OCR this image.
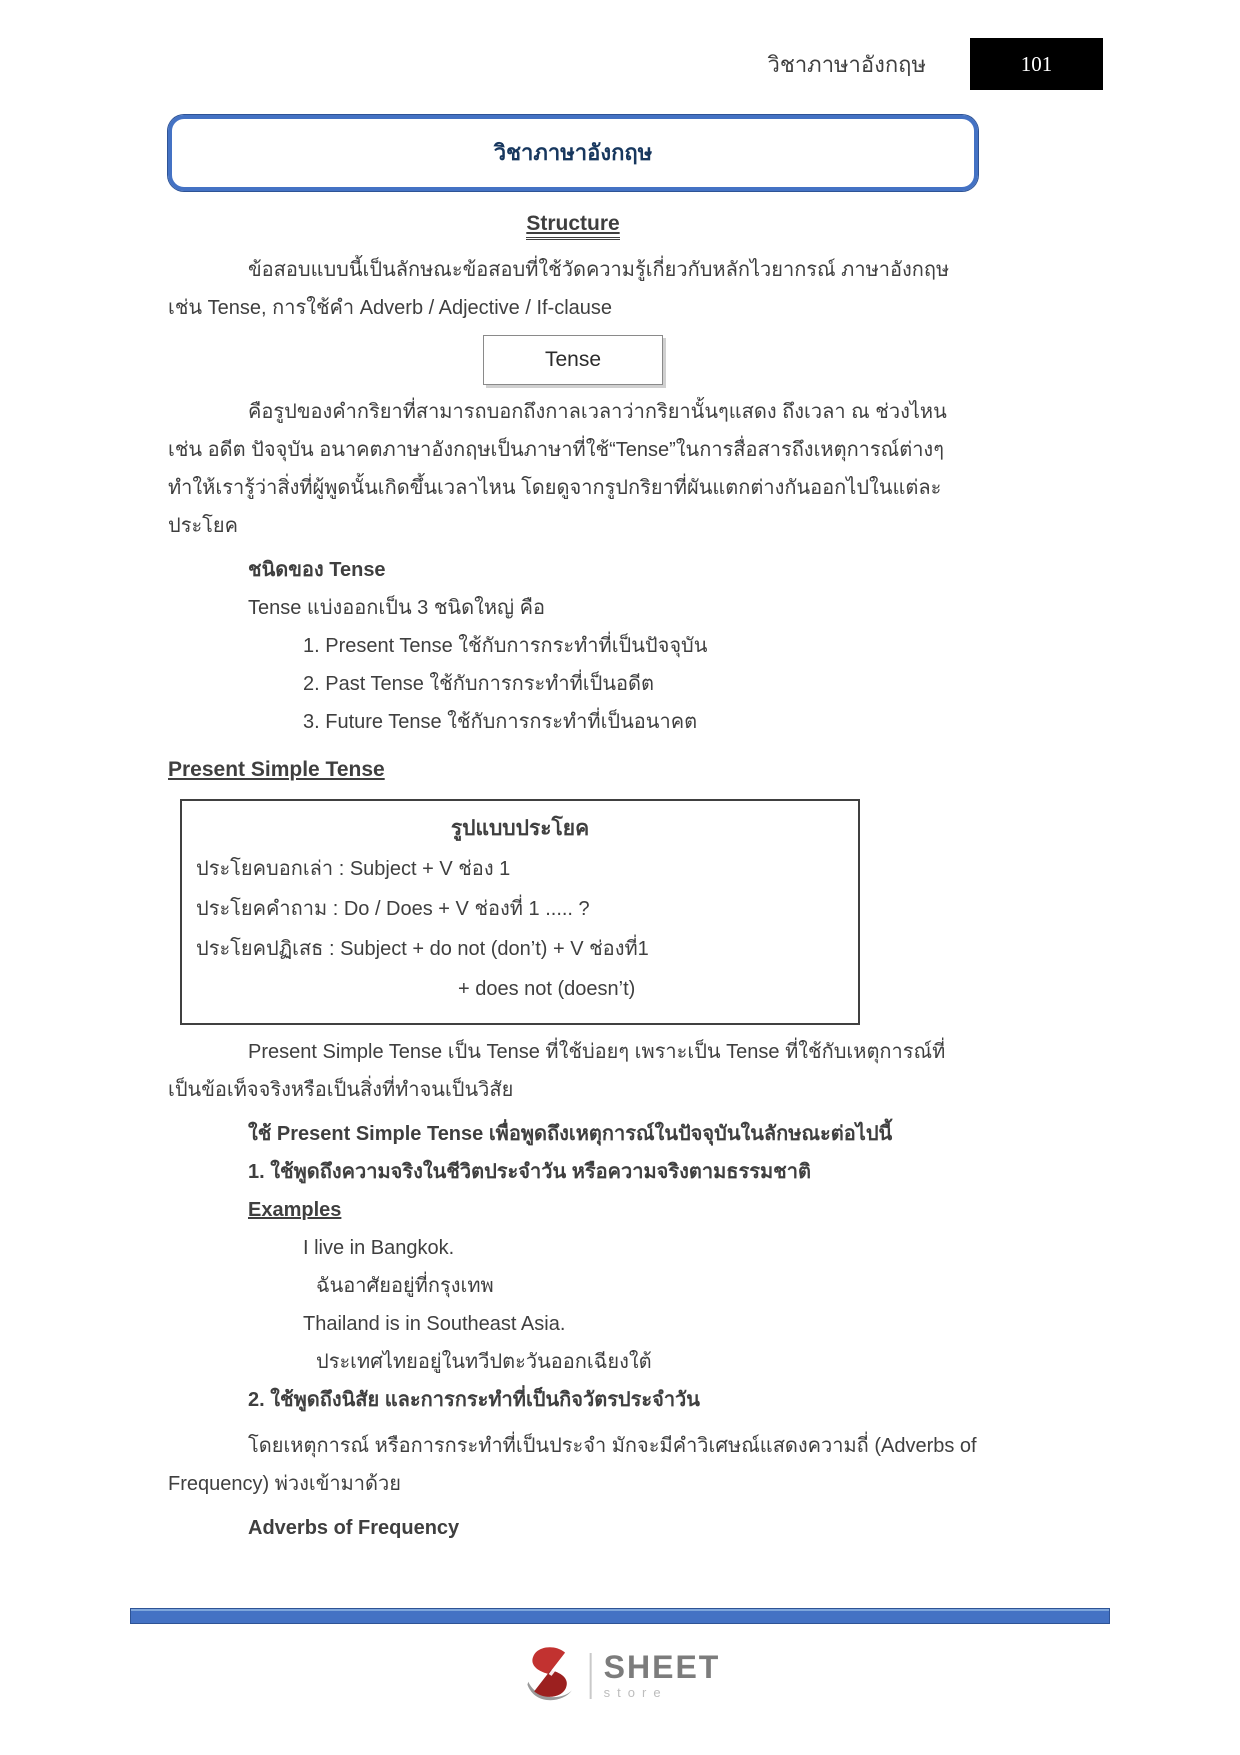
วิชาภาษาอังกฤษ	101
วิชาภาษาอังกฤษ
Structure

ข้อสอบแบบนี้เป็นลักษณะข้อสอบที่ใช้วัดความรู้เกี่ยวกับหลักไวยากรณ์ ภาษาอังกฤษ เช่น Tense, การใช้คำ Adverb / Adjective / If-clause

Tense

คือรูปของคำกริยาที่สามารถบอกถึงกาลเวลาว่ากริยานั้นๆแสดง ถึงเวลา ณ ช่วงไหน เช่น อดีต ปัจจุบัน อนาคตภาษาอังกฤษเป็นภาษาที่ใช้“Tense”ในการสื่อสารถึงเหตุการณ์ต่างๆ ทำให้เรารู้ว่าสิ่งที่ผู้พูดนั้นเกิดขึ้นเวลาไหน โดยดูจากรูปกริยาที่ผันแตกต่างกันออกไปในแต่ละประโยค

ชนิดของ Tense

Tense แบ่งออกเป็น 3 ชนิดใหญ่ คือ

1. Present Tense ใช้กับการกระทำที่เป็นปัจจุบัน

2. Past Tense ใช้กับการกระทำที่เป็นอดีต

3. Future Tense ใช้กับการกระทำที่เป็นอนาคต

Present Simple Tense
รูปแบบประโยค

ประโยคบอกเล่า : Subject + V ช่อง 1

ประโยคคำถาม : Do / Does + V ช่องที่ 1 ..... ?

ประโยคปฏิเสธ : Subject + do not (don’t) + V ช่องที่1

+ does not (doesn’t)

Present Simple Tense เป็น Tense ที่ใช้บ่อยๆ เพราะเป็น Tense ที่ใช้กับเหตุการณ์ที่เป็นข้อเท็จจริงหรือเป็นสิ่งที่ทำจนเป็นวิสัย

ใช้ Present Simple Tense เพื่อพูดถึงเหตุการณ์ในปัจจุบันในลักษณะต่อไปนี้

1. ใช้พูดถึงความจริงในชีวิตประจำวัน หรือความจริงตามธรรมชาติ

Examples

I live in Bangkok.

ฉันอาศัยอยู่ที่กรุงเทพ

Thailand is in Southeast Asia.

ประเทศไทยอยู่ในทวีปตะวันออกเฉียงใต้

2. ใช้พูดถึงนิสัย และการกระทำที่เป็นกิจวัตรประจำวัน

โดยเหตุการณ์ หรือการกระทำที่เป็นประจำ มักจะมีคำวิเศษณ์แสดงความถี่ (Adverbs of Frequency) พ่วงเข้ามาด้วย

Adverbs of Frequency

SHEET
store
